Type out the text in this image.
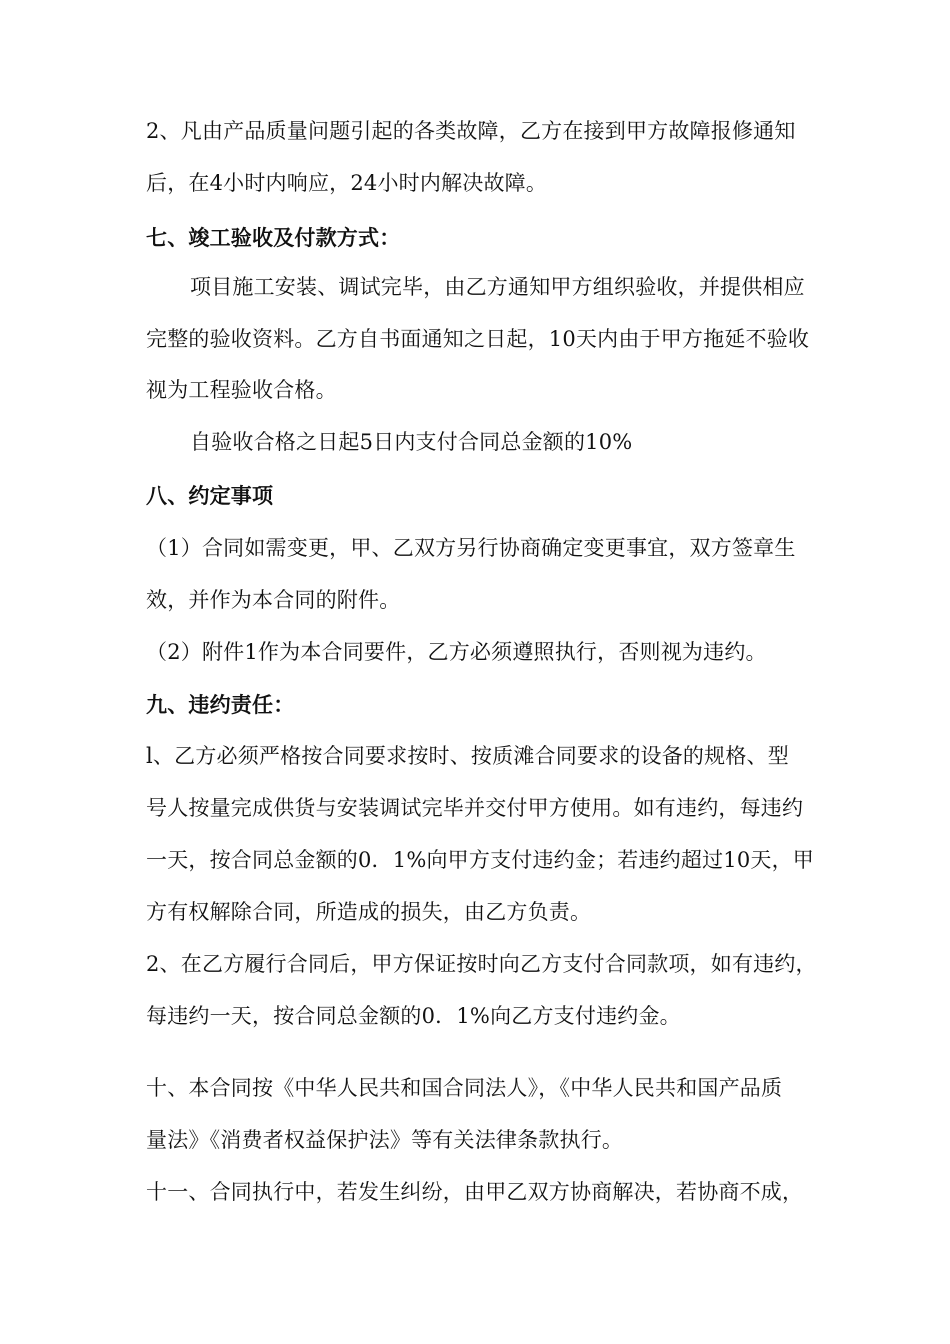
2、凡由产品质量问题引起的各类故障，乙方在接到甲方故障报修通知
后，在4小时内响应，24小时内解决故障。
七、竣工验收及付款方式：
项目施工安装、调试完毕，由乙方通知甲方组织验收，并提供相应
完整的验收资料。乙方自书面通知之日起，10天内由于甲方拖延不验收
视为工程验收合格。
自验收合格之日起5日内支付合同总金额的10%
八、约定事项
（1）合同如需变更，甲、乙双方另行协商确定变更事宜，双方签章生
效，并作为本合同的附件。
（2）附件1作为本合同要件，乙方必须遵照执行，否则视为违约。
九、违约责任：
l、乙方必须严格按合同要求按时、按质滩合同要求的设备的规格、型
号人按量完成供货与安装调试完毕并交付甲方使用。如有违约，每违约
一天，按合同总金额的0．1%向甲方支付违约金；若违约超过10天，甲
方有权解除合同，所造成的损失，由乙方负责。
2、在乙方履行合同后，甲方保证按时向乙方支付合同款项，如有违约，
每违约一天，按合同总金额的0．1%向乙方支付违约金。
十、本合同按《中华人民共和国合同法人》，《中华人民共和国产品质
量法》《消费者权益保护法》等有关法律条款执行。
十一、合同执行中，若发生纠纷，由甲乙双方协商解决，若协商不成，
